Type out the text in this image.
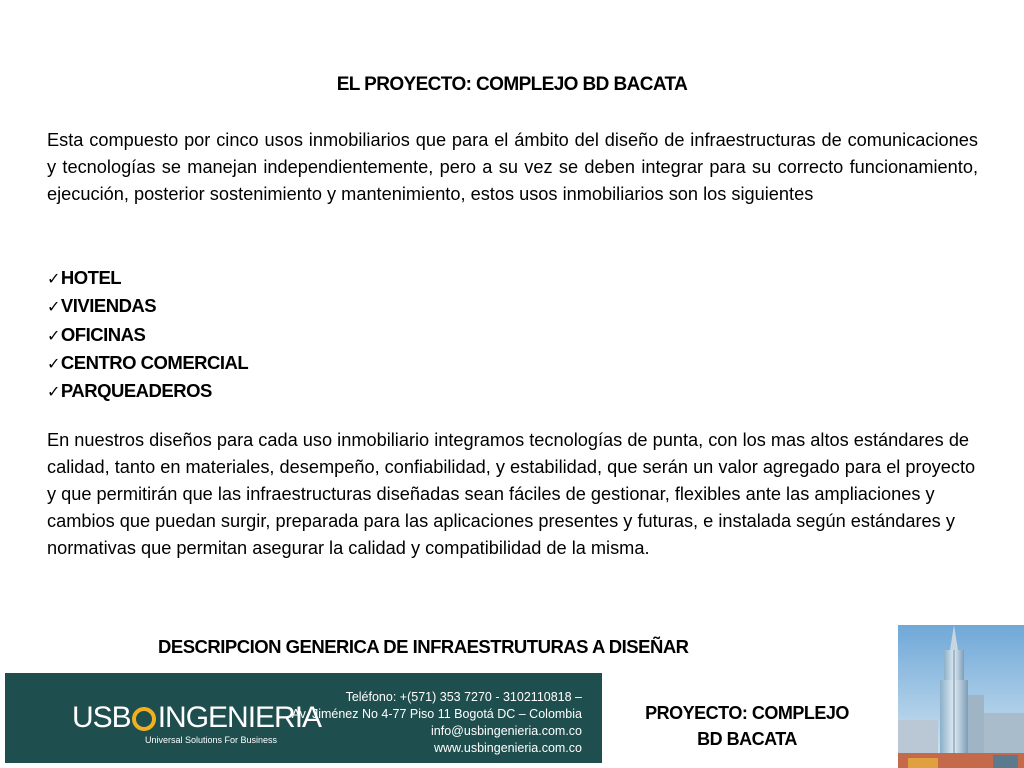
EL PROYECTO: COMPLEJO BD BACATA

Esta compuesto por cinco usos inmobiliarios que para el ámbito del diseño de infraestructuras de comunicaciones y tecnologías se manejan independientemente, pero a su vez se deben integrar para su correcto funcionamiento, ejecución, posterior sostenimiento y mantenimiento, estos usos inmobiliarios son los siguientes

✓HOTEL
✓VIVIENDAS
✓OFICINAS
✓CENTRO COMERCIAL
✓PARQUEADEROS

En nuestros diseños para cada uso inmobiliario integramos tecnologías de punta, con los mas altos estándares de calidad, tanto en materiales, desempeño, confiabilidad, y estabilidad, que serán un valor agregado para el proyecto y que permitirán que las infraestructuras diseñadas sean fáciles de gestionar, flexibles ante las ampliaciones y cambios que puedan surgir, preparada para las aplicaciones presentes y futuras, e instalada según estándares y normativas que permitan asegurar la calidad y compatibilidad de la misma.

DESCRIPCION GENERICA DE INFRAESTRUTURAS A DISEÑAR
USB INGENIERIA
Universal Solutions For Business
Teléfono: +(571) 353 7270 - 3102110818 –
Av. Jiménez No 4-77 Piso 11 Bogotá DC – Colombia
info@usbingenieria.com.co
www.usbingenieria.com.co
PROYECTO: COMPLEJO
BD BACATA
